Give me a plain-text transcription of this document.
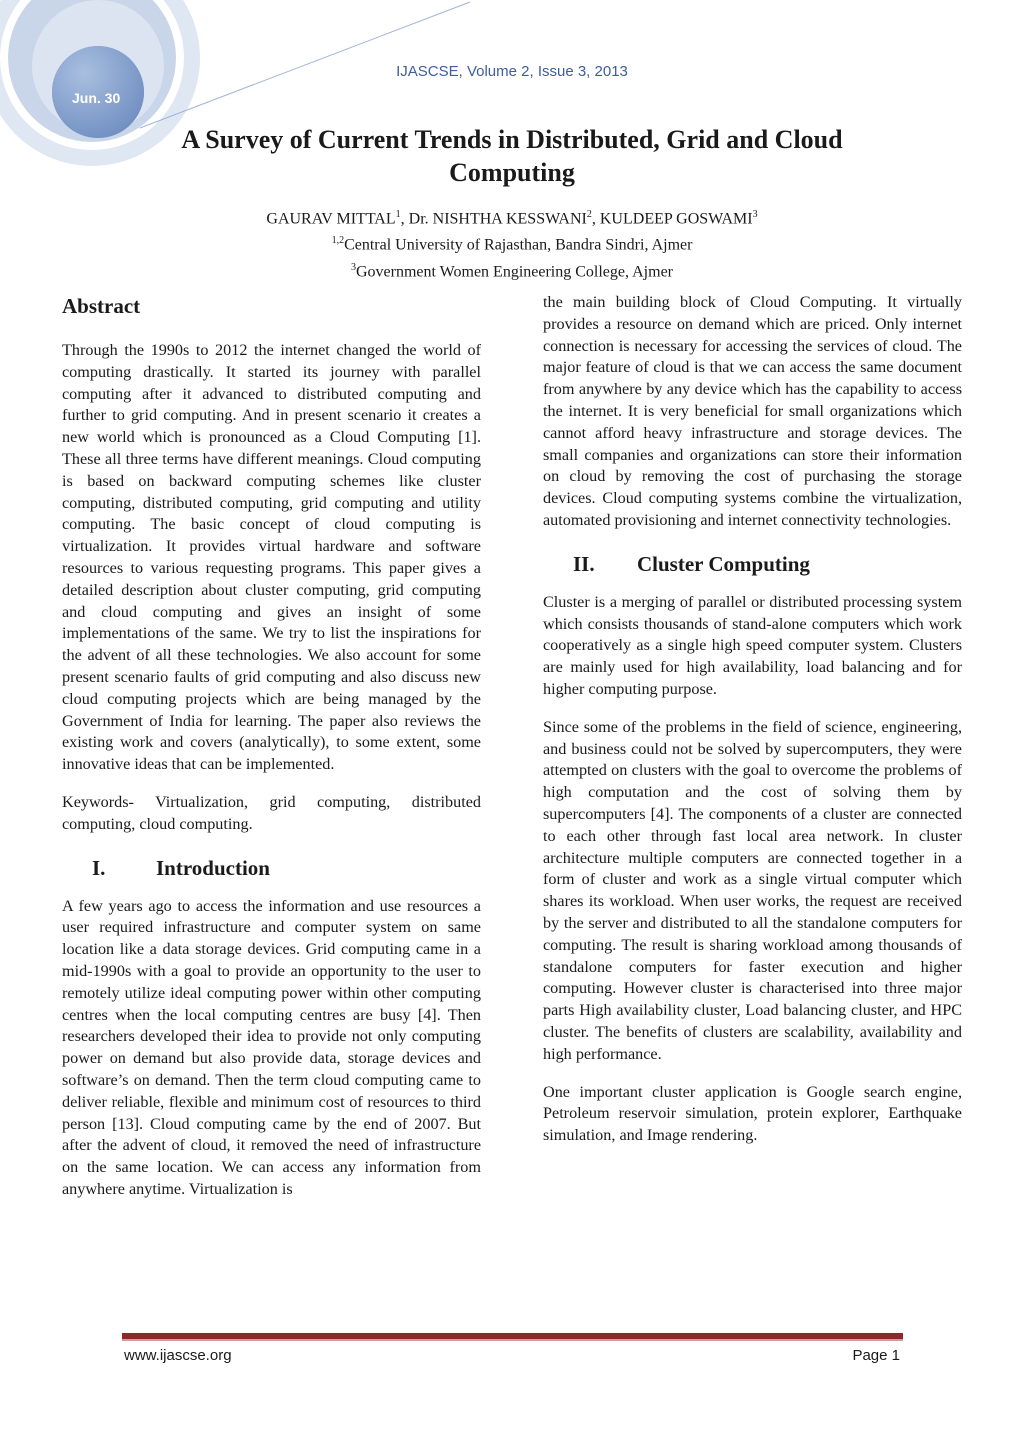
Jun. 30
IJASCSE, Volume 2, Issue 3, 2013
A Survey of Current Trends in Distributed, Grid and Cloud Computing
GAURAV MITTAL$^1$, Dr. NISHTHA KESSWANI$^2$, KULDEEP GOSWAMI$^3$
$^{1,2}$Central University of Rajasthan, Bandra Sindri, Ajmer
$^3$Government Women Engineering College, Ajmer
Abstract

Through the 1990s to 2012 the internet changed the world of computing drastically. It started its journey with parallel computing after it advanced to distributed computing and further to grid computing. And in present scenario it creates a new world which is pronounced as a Cloud Computing [1]. These all three terms have different meanings. Cloud computing is based on backward computing schemes like cluster computing, distributed computing, grid computing and utility computing. The basic concept of cloud computing is virtualization. It provides virtual hardware and software resources to various requesting programs. This paper gives a detailed description about cluster computing, grid computing and cloud computing and gives an insight of some implementations of the same. We try to list the inspirations for the advent of all these technologies. We also account for some present scenario faults of grid computing and also discuss new cloud computing projects which are being managed by the Government of India for learning. The paper also reviews the existing work and covers (analytically), to some extent, some innovative ideas that can be implemented.

Keywords- Virtualization, grid computing, distributed computing, cloud computing.

I.	Introduction

A few years ago to access the information and use resources a user required infrastructure and computer system on same location like a data storage devices. Grid computing came in a mid-1990s with a goal to provide an opportunity to the user to remotely utilize ideal computing power within other computing centres when the local computing centres are busy [4]. Then researchers developed their idea to provide not only computing power on demand but also provide data, storage devices and software’s on demand. Then the term cloud computing came to deliver reliable, flexible and minimum cost of resources to third person [13]. Cloud computing came by the end of 2007. But after the advent of cloud, it removed the need of infrastructure on the same location. We can access any information from anywhere anytime. Virtualization is

the main building block of Cloud Computing. It virtually provides a resource on demand which are priced. Only internet connection is necessary for accessing the services of cloud. The major feature of cloud is that we can access the same document from anywhere by any device which has the capability to access the internet. It is very beneficial for small organizations which cannot afford heavy infrastructure and storage devices. The small companies and organizations can store their information on cloud by removing the cost of purchasing the storage devices. Cloud computing systems combine the virtualization, automated provisioning and internet connectivity technologies.

II.	Cluster Computing

Cluster is a merging of parallel or distributed processing system which consists thousands of stand-alone computers which work cooperatively as a single high speed computer system. Clusters are mainly used for high availability, load balancing and for higher computing purpose.

Since some of the problems in the field of science, engineering, and business could not be solved by supercomputers, they were attempted on clusters with the goal to overcome the problems of high computation and the cost of solving them by supercomputers [4]. The components of a cluster are connected to each other through fast local area network. In cluster architecture multiple computers are connected together in a form of cluster and work as a single virtual computer which shares its workload. When user works, the request are received by the server and distributed to all the standalone computers for computing. The result is sharing workload among thousands of standalone computers for faster execution and higher computing. However cluster is characterised into three major parts High availability cluster, Load balancing cluster, and HPC cluster. The benefits of clusters are scalability, availability and high performance.

One important cluster application is Google search engine, Petroleum reservoir simulation, protein explorer, Earthquake simulation, and Image rendering.

www.ijascse.org	Page 1
